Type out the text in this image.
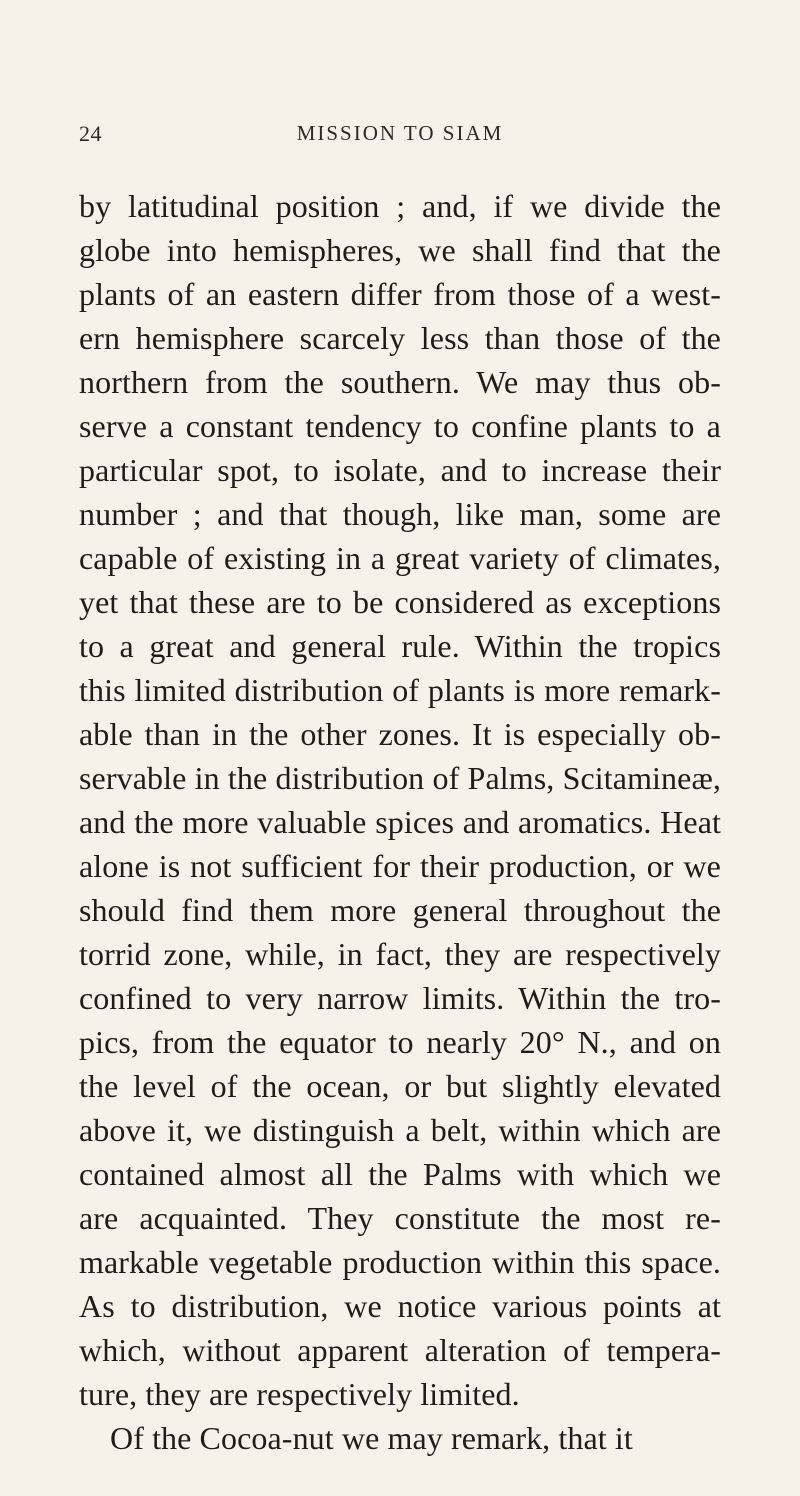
24	MISSION TO SIAM
by latitudinal position ; and, if we divide the
globe into hemispheres, we shall find that the
plants of an eastern differ from those of a west-
ern hemisphere scarcely less than those of the
northern from the southern. We may thus ob-
serve a constant tendency to confine plants to a
particular spot, to isolate, and to increase their
number ; and that though, like man, some are
capable of existing in a great variety of climates,
yet that these are to be considered as exceptions
to a great and general rule. Within the tropics
this limited distribution of plants is more remark-
able than in the other zones. It is especially ob-
servable in the distribution of Palms, Scitamineæ,
and the more valuable spices and aromatics. Heat
alone is not sufficient for their production, or we
should find them more general throughout the
torrid zone, while, in fact, they are respectively
confined to very narrow limits. Within the tro-
pics, from the equator to nearly 20° N., and on
the level of the ocean, or but slightly elevated
above it, we distinguish a belt, within which are
contained almost all the Palms with which we
are acquainted. They constitute the most re-
markable vegetable production within this space.
As to distribution, we notice various points at
which, without apparent alteration of tempera-
ture, they are respectively limited.
Of the Cocoa-nut we may remark, that it
